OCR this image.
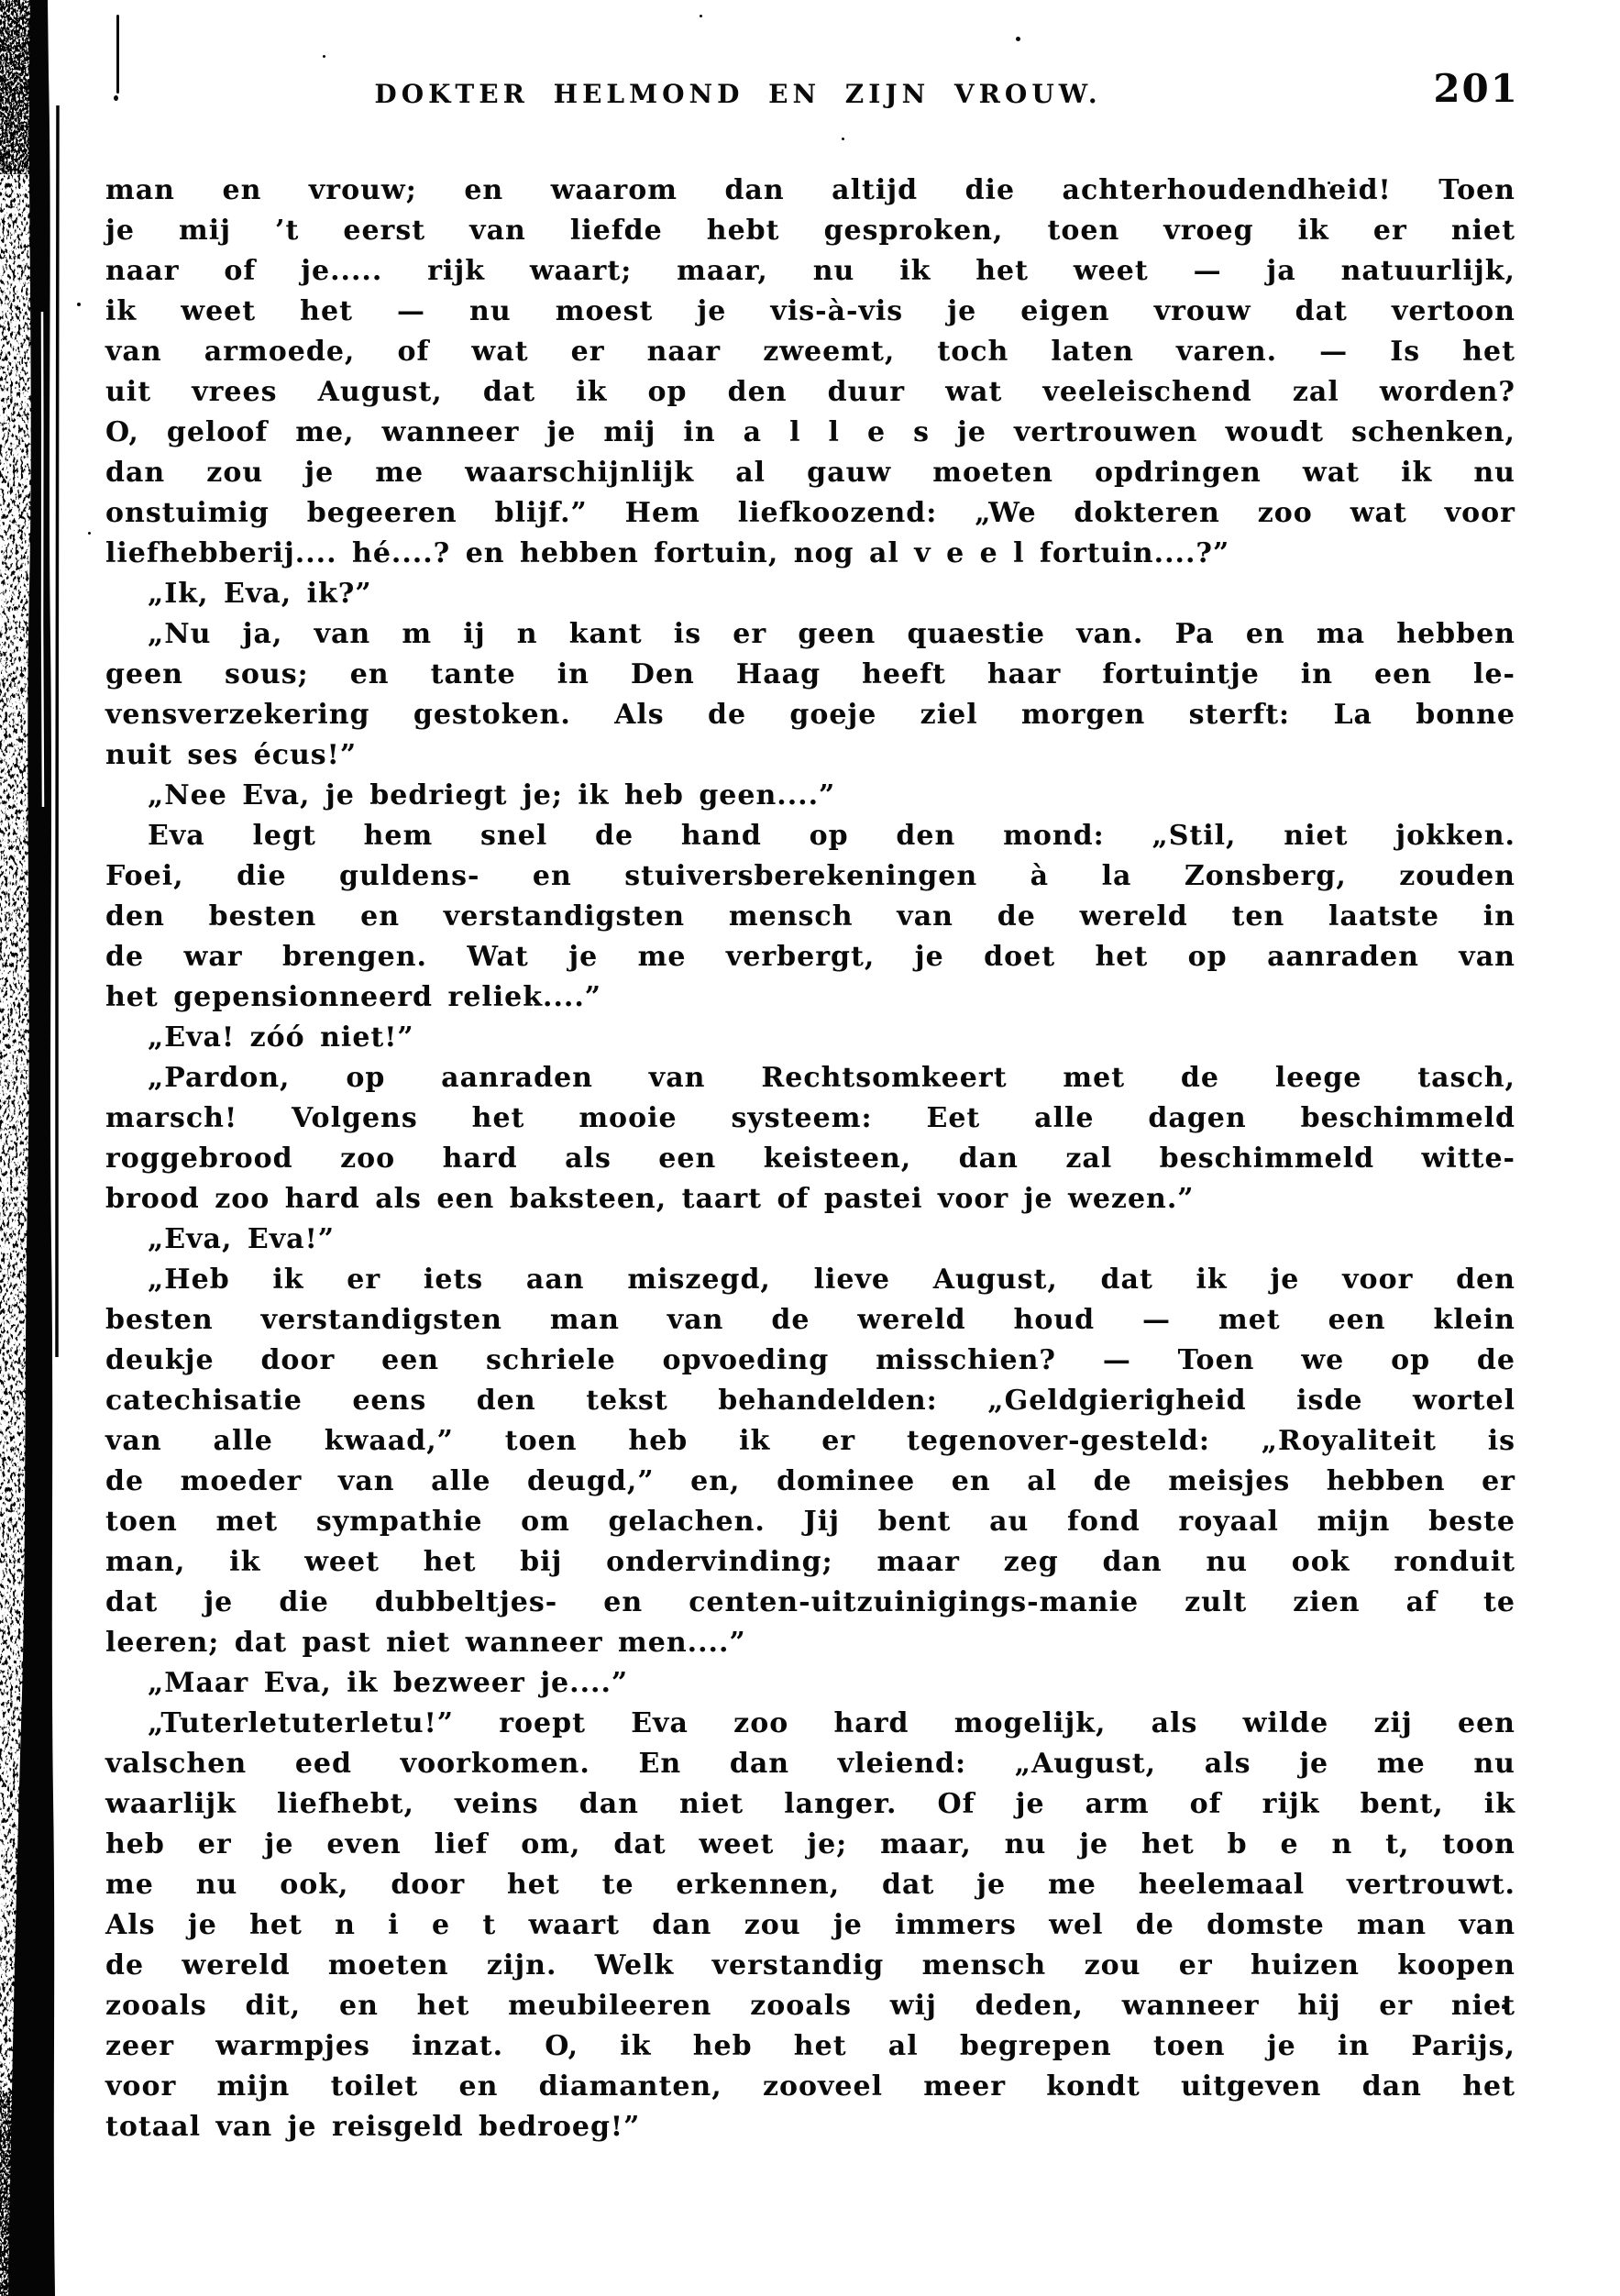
DOKTER HELMOND EN ZIJN VROUW.	201
man en vrouw; en waarom dan altijd die achterhoudendheid! Toen
je mij ’t eerst van liefde hebt gesproken, toen vroeg ik er niet
naar of je..... rijk waart; maar, nu ik het weet — ja natuurlijk,
ik weet het — nu moest je vis-à-vis je eigen vrouw dat vertoon
van armoede, of wat er naar zweemt, toch laten varen. — Is het
uit vrees August, dat ik op den duur wat veeleischend zal worden?
O, geloof me, wanneer je mij in a l l e s je vertrouwen woudt schenken,
dan zou je me waarschijnlijk al gauw moeten opdringen wat ik nu
onstuimig begeeren blijf.” Hem liefkoozend: „We dokteren zoo wat voor
liefhebberij.... hé....? en hebben fortuin, nog al v e e l fortuin....?”
„Ik, Eva, ik?”
„Nu ja, van m ij n kant is er geen quaestie van. Pa en ma hebben
geen sous; en tante in Den Haag heeft haar fortuintje in een le-
vensverzekering gestoken. Als de goeje ziel morgen sterft: La bonne
nuit ses écus!”
„Nee Eva, je bedriegt je; ik heb geen....”
Eva legt hem snel de hand op den mond: „Stil, niet jokken.
Foei, die guldens- en stuiversberekeningen à la Zonsberg, zouden
den besten en verstandigsten mensch van de wereld ten laatste in
de war brengen. Wat je me verbergt, je doet het op aanraden van
het gepensionneerd reliek....”
„Eva! zóó niet!”
„Pardon, op aanraden van Rechtsomkeert met de leege tasch,
marsch! Volgens het mooie systeem: Eet alle dagen beschimmeld
roggebrood zoo hard als een keisteen, dan zal beschimmeld witte-
brood zoo hard als een baksteen, taart of pastei voor je wezen.”
„Eva, Eva!”
„Heb ik er iets aan miszegd, lieve August, dat ik je voor den
besten verstandigsten man van de wereld houd — met een klein
deukje door een schriele opvoeding misschien? — Toen we op de
catechisatie eens den tekst behandelden: „Geldgierigheid isde wortel
van alle kwaad,” toen heb ik er tegenover-gesteld: „Royaliteit is
de moeder van alle deugd,” en, dominee en al de meisjes hebben er
toen met sympathie om gelachen. Jij bent au fond royaal mijn beste
man, ik weet het bij ondervinding; maar zeg dan nu ook ronduit
dat je die dubbeltjes- en centen-uitzuinigings-manie zult zien af te
leeren; dat past niet wanneer men....”
„Maar Eva, ik bezweer je....”
„Tuterletuterletu!” roept Eva zoo hard mogelijk, als wilde zij een
valschen eed voorkomen. En dan vleiend: „August, als je me nu
waarlijk liefhebt, veins dan niet langer. Of je arm of rijk bent, ik
heb er je even lief om, dat weet je; maar, nu je het b e n t, toon
me nu ook, door het te erkennen, dat je me heelemaal vertrouwt.
Als je het n i e t waart dan zou je immers wel de domste man van
de wereld moeten zijn. Welk verstandig mensch zou er huizen koopen
zooals dit, en het meubileeren zooals wij deden, wanneer hij er niet
zeer warmpjes inzat. O, ik heb het al begrepen toen je in Parijs,
voor mijn toilet en diamanten, zooveel meer kondt uitgeven dan het
totaal van je reisgeld bedroeg!”
